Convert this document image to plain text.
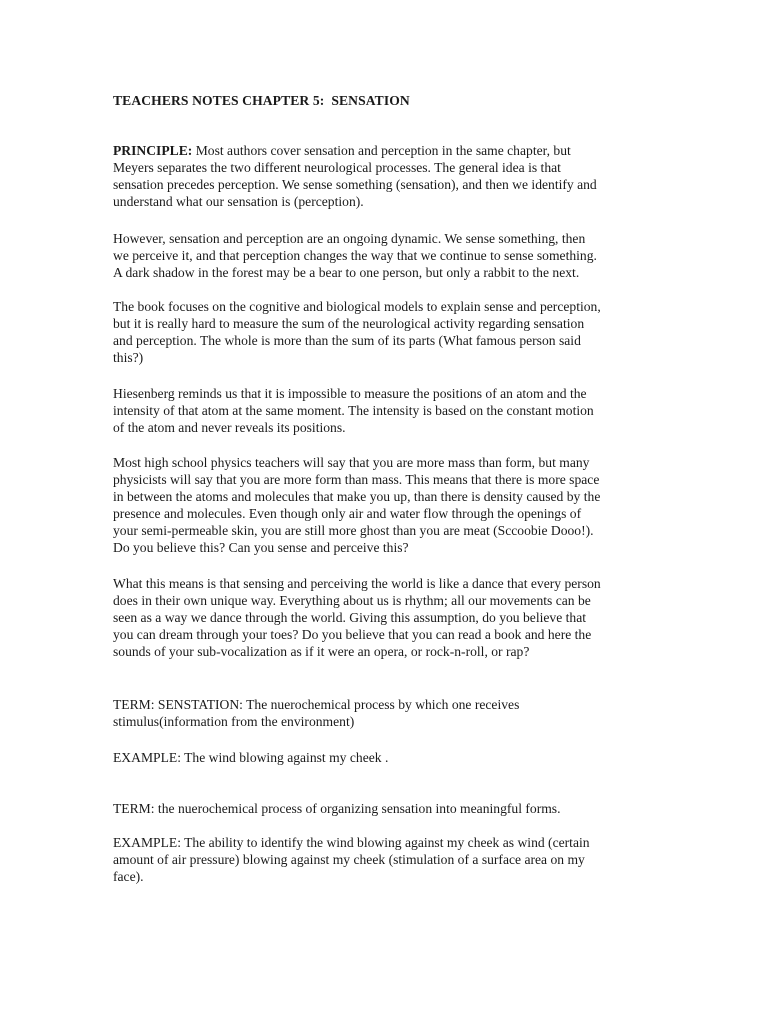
TEACHERS NOTES CHAPTER 5:  SENSATION

PRINCIPLE: Most authors cover sensation and perception in the same chapter, but
Meyers separates the two different neurological processes. The general idea is that
sensation precedes perception. We sense something (sensation), and then we identify and
understand what our sensation is (perception).

However, sensation and perception are an ongoing dynamic. We sense something, then
we perceive it, and that perception changes the way that we continue to sense something.
A dark shadow in the forest may be a bear to one person, but only a rabbit to the next.

The book focuses on the cognitive and biological models to explain sense and perception,
but it is really hard to measure the sum of the neurological activity regarding sensation
and perception. The whole is more than the sum of its parts (What famous person said
this?)

Hiesenberg reminds us that it is impossible to measure the positions of an atom and the
intensity of that atom at the same moment. The intensity is based on the constant motion
of the atom and never reveals its positions.

Most high school physics teachers will say that you are more mass than form, but many
physicists will say that you are more form than mass. This means that there is more space
in between the atoms and molecules that make you up, than there is density caused by the
presence and molecules. Even though only air and water flow through the openings of
your semi-permeable skin, you are still more ghost than you are meat (Sccoobie Dooo!).
Do you believe this? Can you sense and perceive this?

What this means is that sensing and perceiving the world is like a dance that every person
does in their own unique way. Everything about us is rhythm; all our movements can be
seen as a way we dance through the world. Giving this assumption, do you believe that
you can dream through your toes? Do you believe that you can read a book and here the
sounds of your sub-vocalization as if it were an opera, or rock-n-roll, or rap?

TERM: SENSTATION: The nuerochemical process by which one receives
stimulus(information from the environment)

EXAMPLE: The wind blowing against my cheek .

TERM: the nuerochemical process of organizing sensation into meaningful forms.

EXAMPLE: The ability to identify the wind blowing against my cheek as wind (certain
amount of air pressure) blowing against my cheek (stimulation of a surface area on my
face).
